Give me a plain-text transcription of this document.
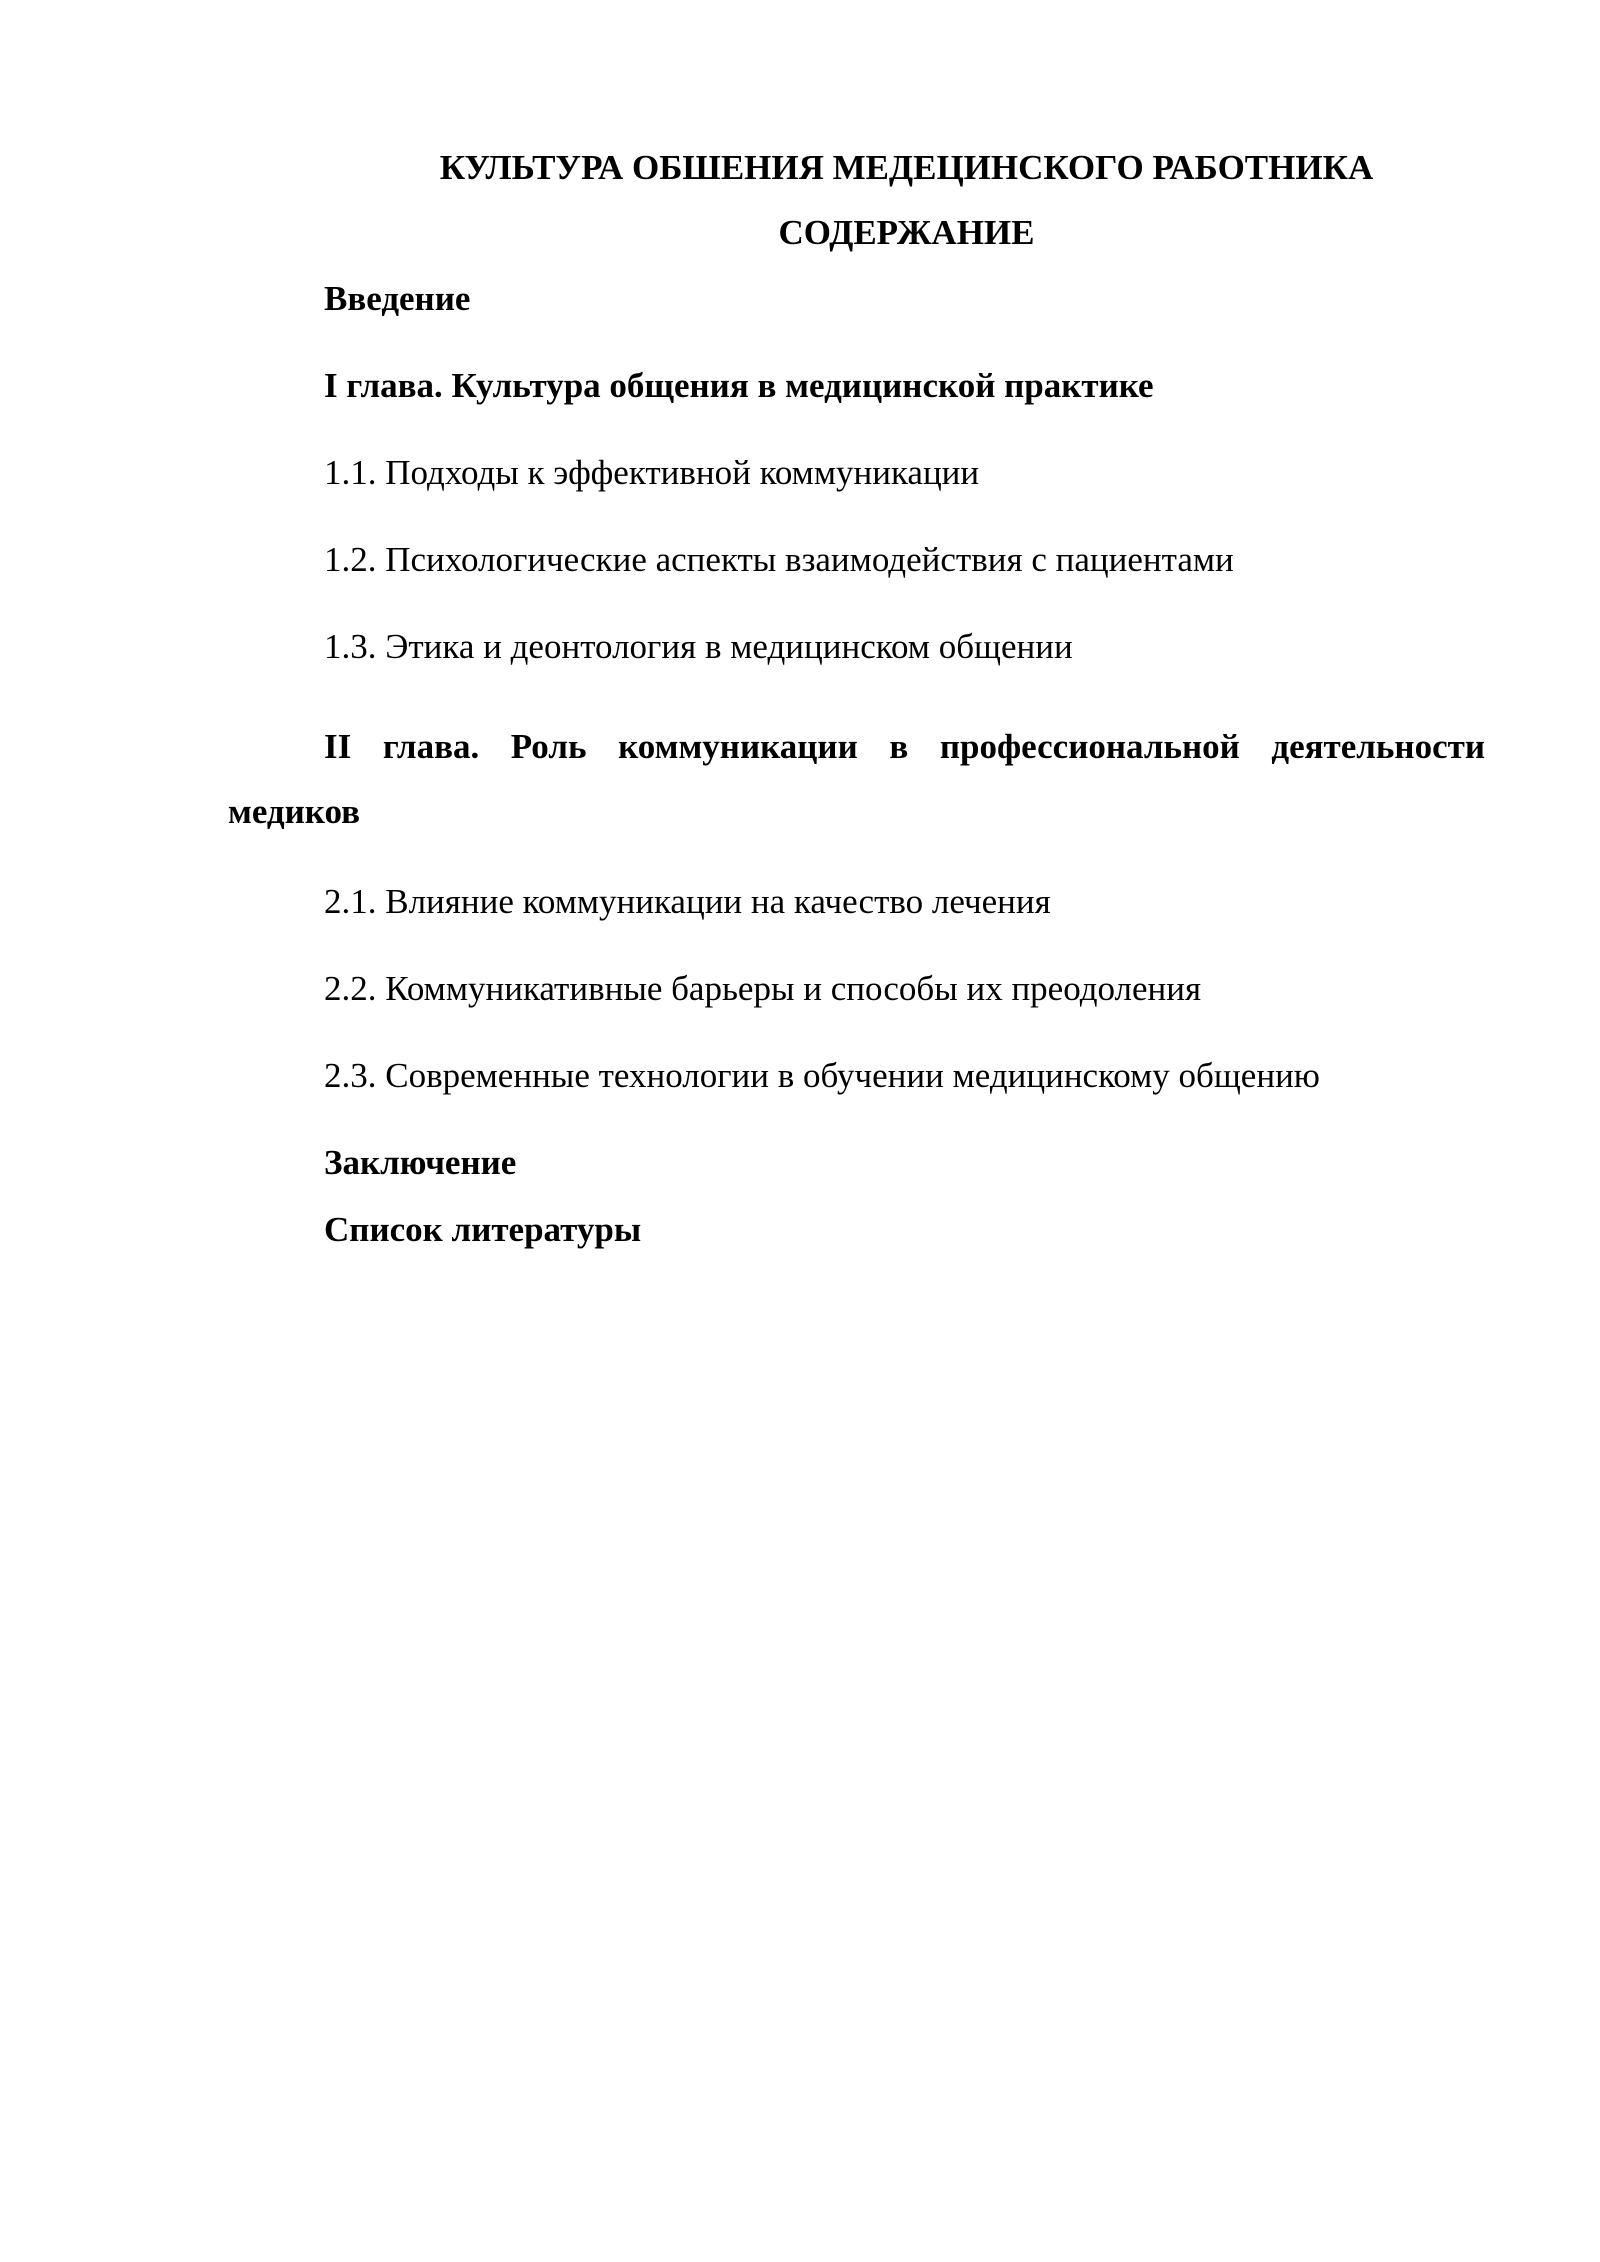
КУЛЬТУРА ОБШЕНИЯ МЕДЕЦИНСКОГО РАБОТНИКА

СОДЕРЖАНИЕ

Введение

I глава. Культура общения в медицинской практике

1.1. Подходы к эффективной коммуникации

1.2. Психологические аспекты взаимодействия с пациентами

1.3. Этика и деонтология в медицинском общении

II глава. Роль коммуникации в профессиональной деятельности медиков

2.1. Влияние коммуникации на качество лечения

2.2. Коммуникативные барьеры и способы их преодоления

2.3. Современные технологии в обучении медицинскому общению

Заключение

Список литературы
